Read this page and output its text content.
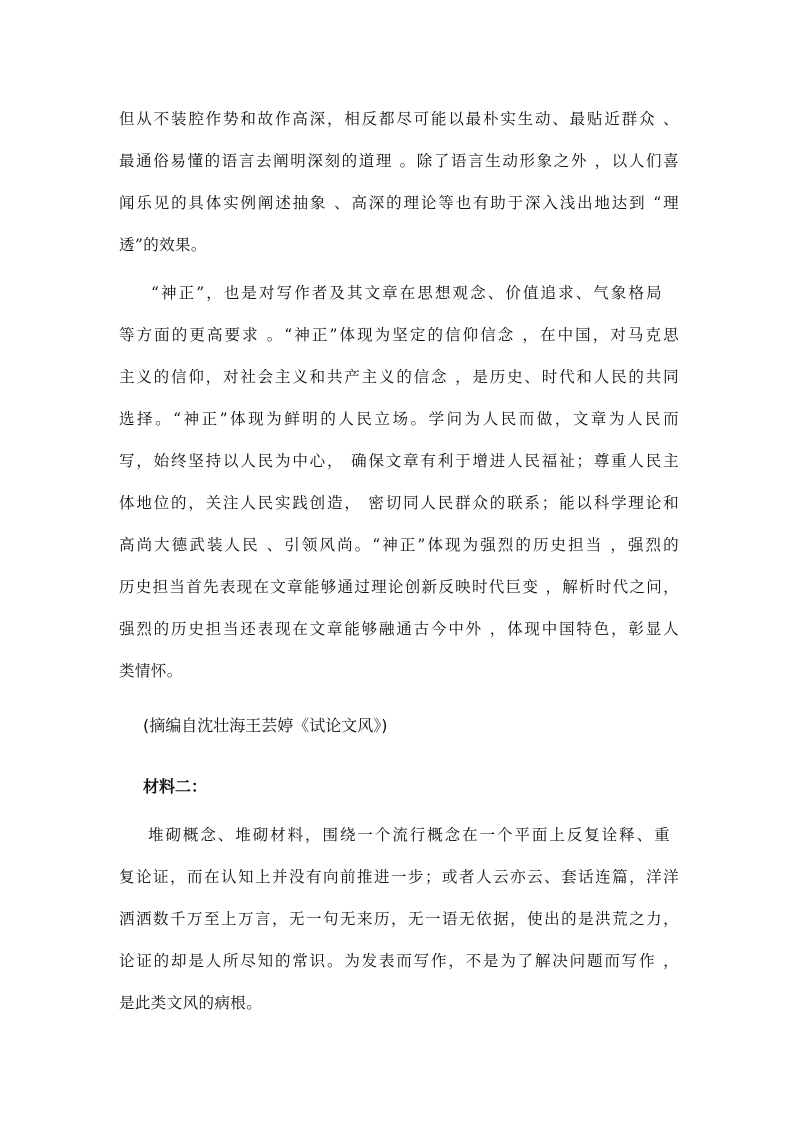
但从不装腔作势和故作高深，相反都尽可能以最朴实生动、最贴近群众 、
最通俗易懂的语言去阐明深刻的道理 。除了语言生动形象之外 ，以人们喜
闻乐见的具体实例阐述抽象 、高深的理论等也有助于深入浅出地达到 “理
透”的效果。
“神正”，也是对写作者及其文章在思想观念、价值追求、气象格局
等方面的更高要求 。“神正”体现为坚定的信仰信念 ，在中国，对马克思
主义的信仰，对社会主义和共产主义的信念 ，是历史、时代和人民的共同
选择。“神正”体现为鲜明的人民立场。学问为人民而做，文章为人民而
写，始终坚持以人民为中心， 确保文章有利于增进人民福祉；尊重人民主
体地位的，关注人民实践创造， 密切同人民群众的联系；能以科学理论和
高尚大德武装人民 、引领风尚。“神正”体现为强烈的历史担当 ，强烈的
历史担当首先表现在文章能够通过理论创新反映时代巨变 ，解析时代之问，
强烈的历史担当还表现在文章能够融通古今中外 ，体现中国特色，彰显人
类情怀。
(摘编自沈壮海王芸婷《试论文风》)
材料二：
堆砌概念、堆砌材料，围绕一个流行概念在一个平面上反复诠释、重
复论证，而在认知上并没有向前推进一步；或者人云亦云、套话连篇，洋洋
洒洒数千万至上万言，无一句无来历，无一语无依据，使出的是洪荒之力，
论证的却是人所尽知的常识。为发表而写作，不是为了解决问题而写作 ，
是此类文风的病根。
